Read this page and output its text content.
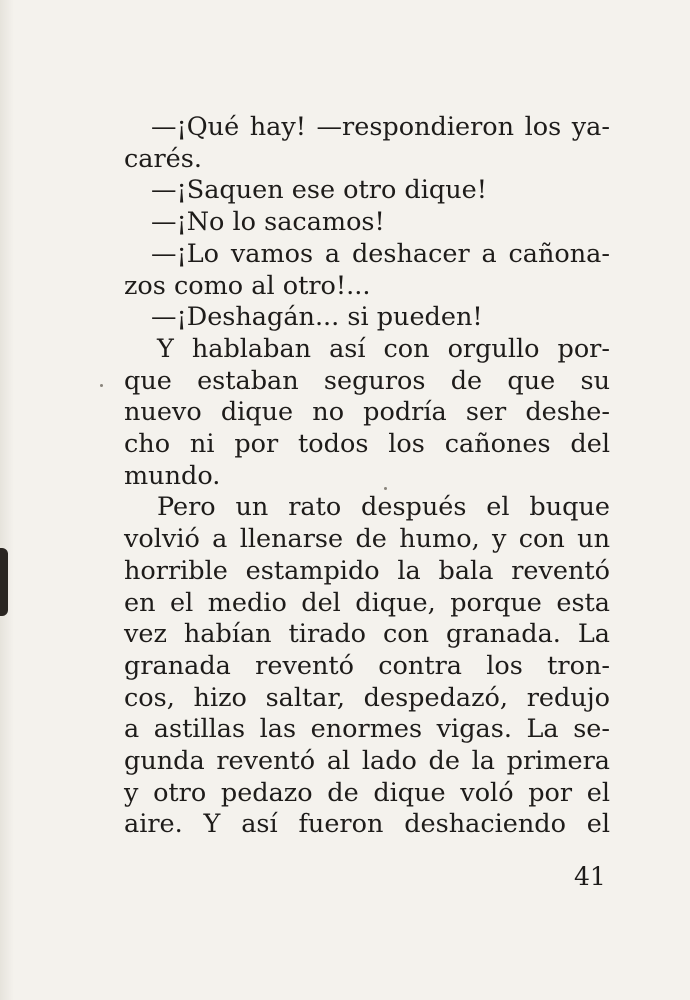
—¡Qué hay! —respondieron los ya-
carés.
—¡Saquen ese otro dique!
—¡No lo sacamos!
—¡Lo vamos a deshacer a cañona-
zos como al otro!...
—¡Deshagán... si pueden!
Y hablaban así con orgullo por-
que estaban seguros de que su
nuevo dique no podría ser deshe-
cho ni por todos los cañones del
mundo.
Pero un rato después el buque
volvió a llenarse de humo, y con un
horrible estampido la bala reventó
en el medio del dique, porque esta
vez habían tirado con granada. La
granada reventó contra los tron-
cos, hizo saltar, despedazó, redujo
a astillas las enormes vigas. La se-
gunda reventó al lado de la primera
y otro pedazo de dique voló por el
aire. Y así fueron deshaciendo el
41
